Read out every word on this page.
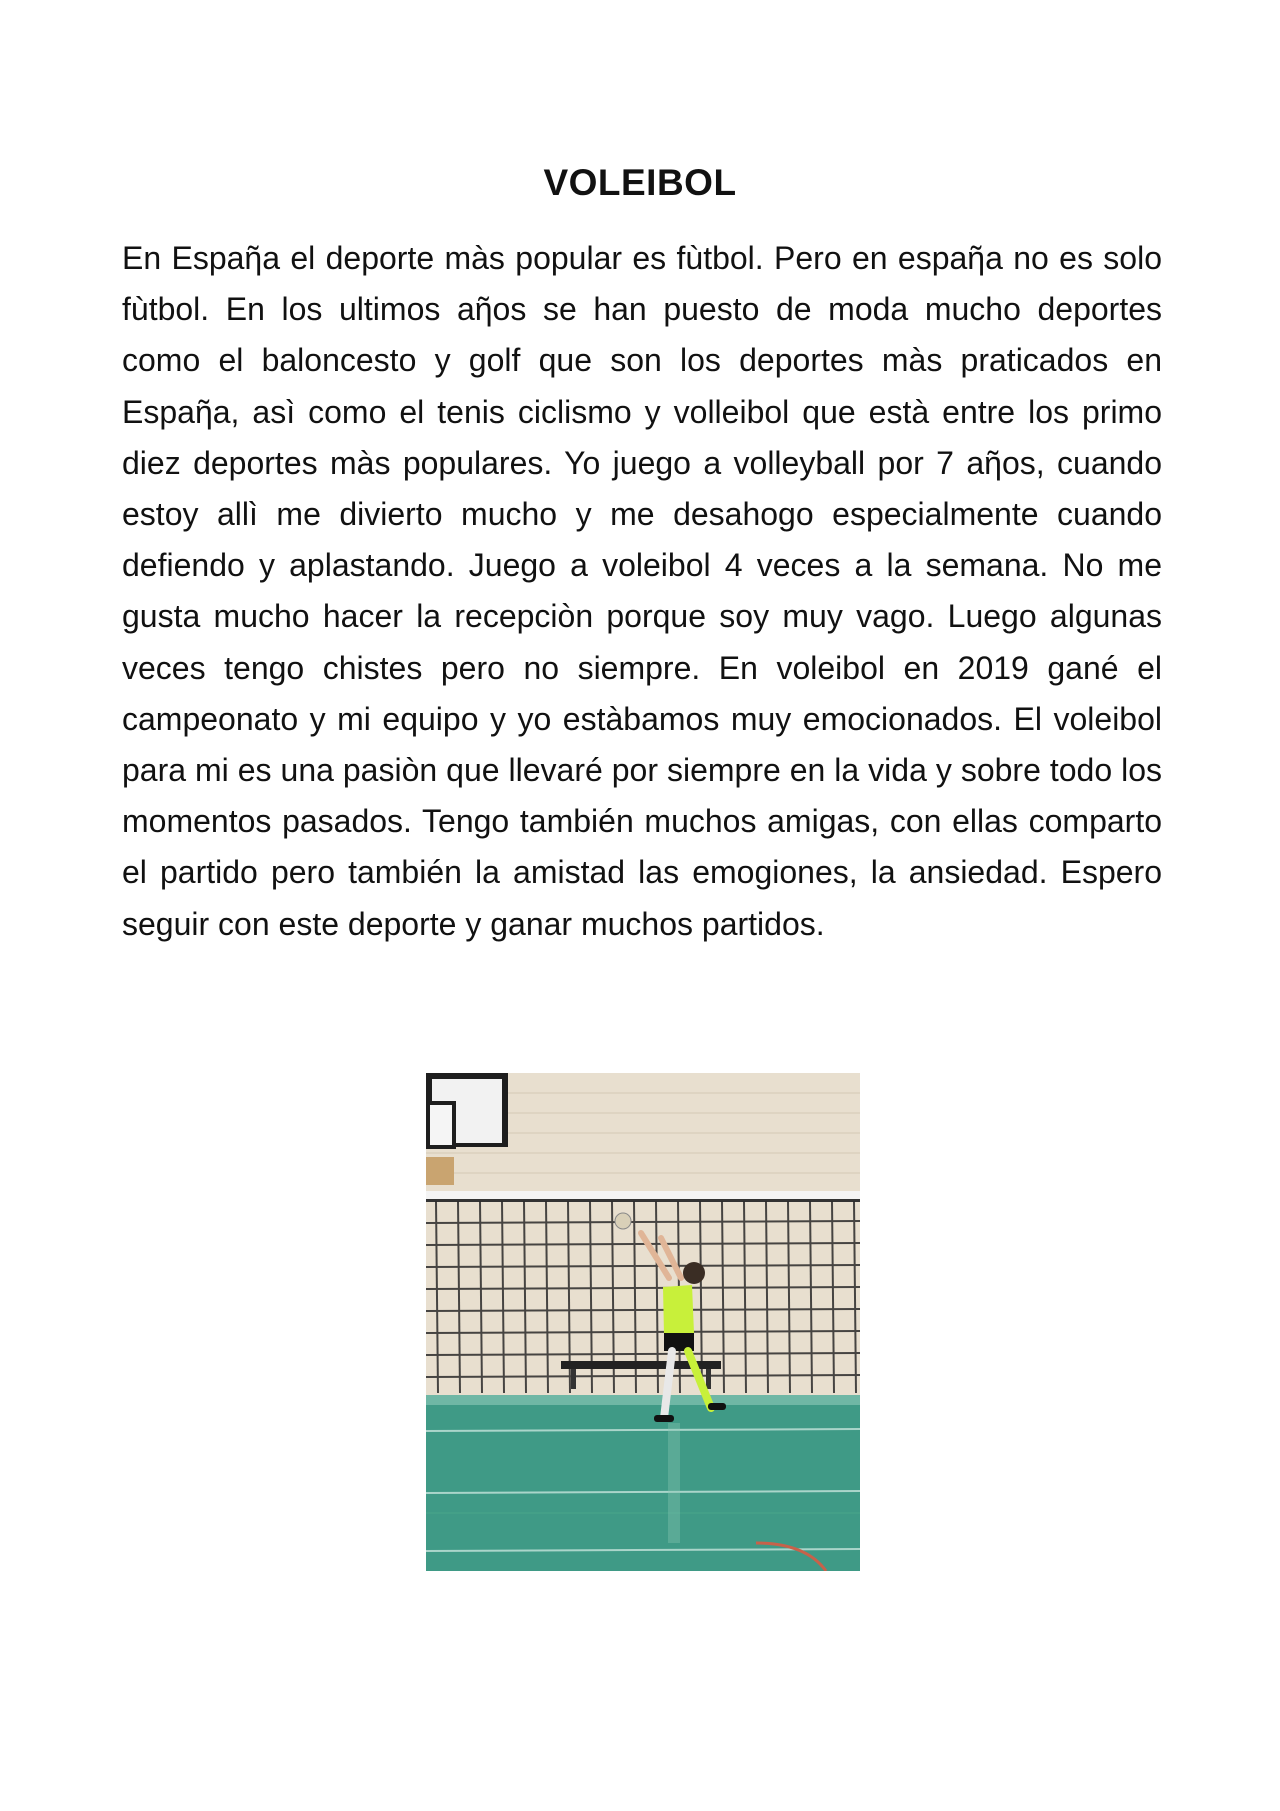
VOLEIBOL

En Espaῆa el deporte màs popular es fùtbol. Pero en espaῆa no es solo fùtbol. En los ultimos aῆos se han puesto de moda mucho deportes como el baloncesto y golf que son los deportes màs praticados en Espaῆa, asì como el tenis ciclismo y volleibol que està entre los primo diez deportes màs populares. Yo juego a volleyball por 7 aῆos, cuando estoy allì me divierto mucho y me desahogo especialmente cuando defiendo y aplastando. Juego a voleibol 4 veces a la semana. No me gusta mucho hacer la recepciòn porque soy muy vago. Luego algunas veces tengo chistes pero no siempre. En voleibol en 2019 gané el campeonato y mi equipo y yo estàbamos muy emocionados. El voleibol para mi es una pasiòn que llevaré por siempre en la vida y sobre todo los momentos pasados. Tengo también muchos amigas, con ellas comparto el partido pero también la amistad las emogiones, la ansiedad. Espero seguir con este deporte y ganar muchos partidos.
